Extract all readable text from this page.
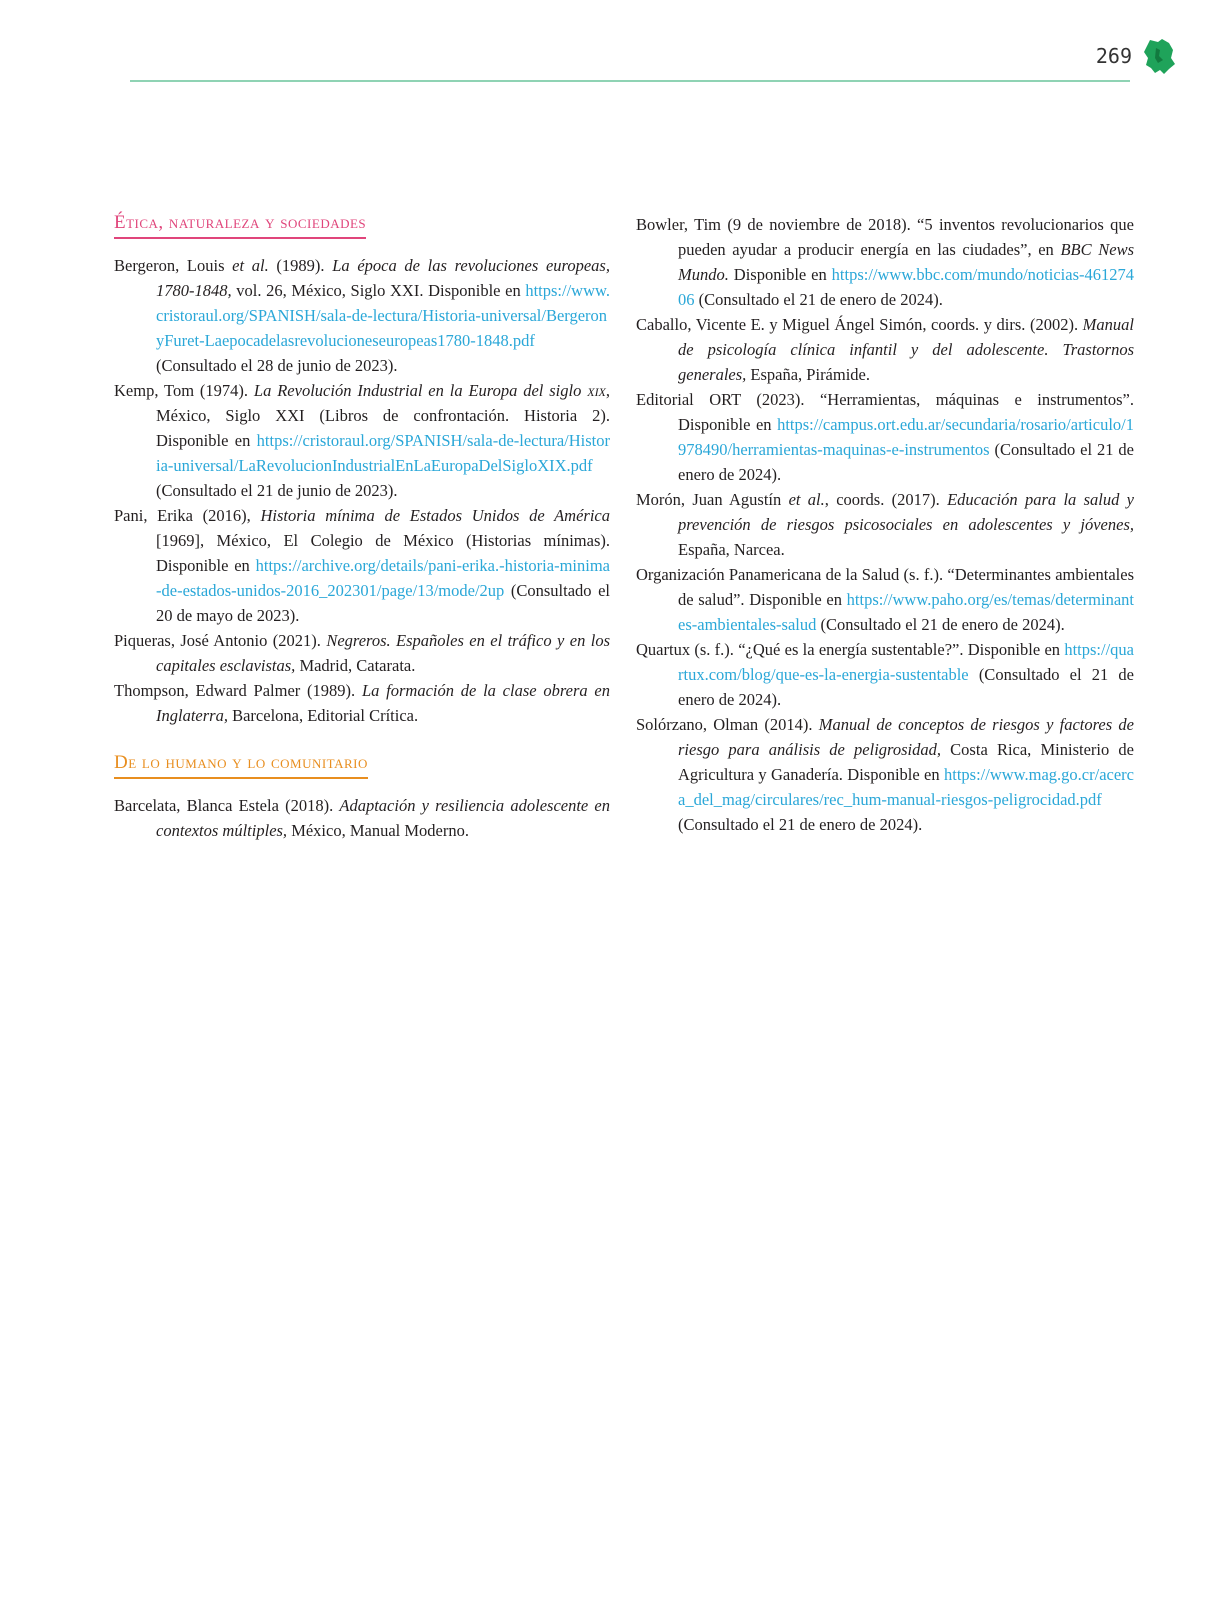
269
Ética, naturaleza y sociedades

Bergeron, Louis et al. (1989). La época de las revoluciones europeas, 1780-1848, vol. 26, México, Siglo XXI. Disponible en https://www.cristoraul.org/SPANISH/sala-de-lectura/Historia-universal/BergeronyFuret-Laepocadelasrevolucioneseuropeas1780-1848.pdf (Consultado el 28 de junio de 2023).

Kemp, Tom (1974). La Revolución Industrial en la Europa del siglo xix, México, Siglo XXI (Libros de confrontación. Historia 2). Disponible en https://cristoraul.org/SPANISH/sala-de-lectura/Historia-universal/LaRevolucionIndustrialEnLaEuropaDelSigloXIX.pdf (Consultado el 21 de junio de 2023).

Pani, Erika (2016), Historia mínima de Estados Unidos de América [1969], México, El Colegio de México (Historias mínimas). Disponible en https://archive.org/details/pani-erika.-historia-minima-de-estados-unidos-2016_202301/page/13/mode/2up (Consultado el 20 de mayo de 2023).

Piqueras, José Antonio (2021). Negreros. Españoles en el tráfico y en los capitales esclavistas, Madrid, Catarata.

Thompson, Edward Palmer (1989). La formación de la clase obrera en Inglaterra, Barcelona, Editorial Crítica.

De lo humano y lo comunitario

Barcelata, Blanca Estela (2018). Adaptación y resiliencia adolescente en contextos múltiples, México, Manual Moderno.

Bowler, Tim (9 de noviembre de 2018). “5 inventos revolucionarios que pueden ayudar a producir energía en las ciudades”, en BBC News Mundo. Disponible en https://www.bbc.com/mundo/noticias-46127406 (Consultado el 21 de enero de 2024).

Caballo, Vicente E. y Miguel Ángel Simón, coords. y dirs. (2002). Manual de psicología clínica infantil y del adolescente. Trastornos generales, España, Pirámide.

Editorial ORT (2023). “Herramientas, máquinas e instrumentos”. Disponible en https://campus.ort.edu.ar/secundaria/rosario/articulo/1978490/herramientas-maquinas-e-instrumentos (Consultado el 21 de enero de 2024).

Morón, Juan Agustín et al., coords. (2017). Educación para la salud y prevención de riesgos psicosociales en adolescentes y jóvenes, España, Narcea.

Organización Panamericana de la Salud (s. f.). “Determinantes ambientales de salud”. Disponible en https://www.paho.org/es/temas/determinantes-ambientales-salud (Consultado el 21 de enero de 2024).

Quartux (s. f.). “¿Qué es la energía sustentable?”. Disponible en https://quartux.com/blog/que-es-la-energia-sustentable (Consultado el 21 de enero de 2024).

Solórzano, Olman (2014). Manual de conceptos de riesgos y factores de riesgo para análisis de peligrosidad, Costa Rica, Ministerio de Agricultura y Ganadería. Disponible en https://www.mag.go.cr/acerca_del_mag/circulares/rec_hum-manual-riesgos-peligrocidad.pdf (Consultado el 21 de enero de 2024).
